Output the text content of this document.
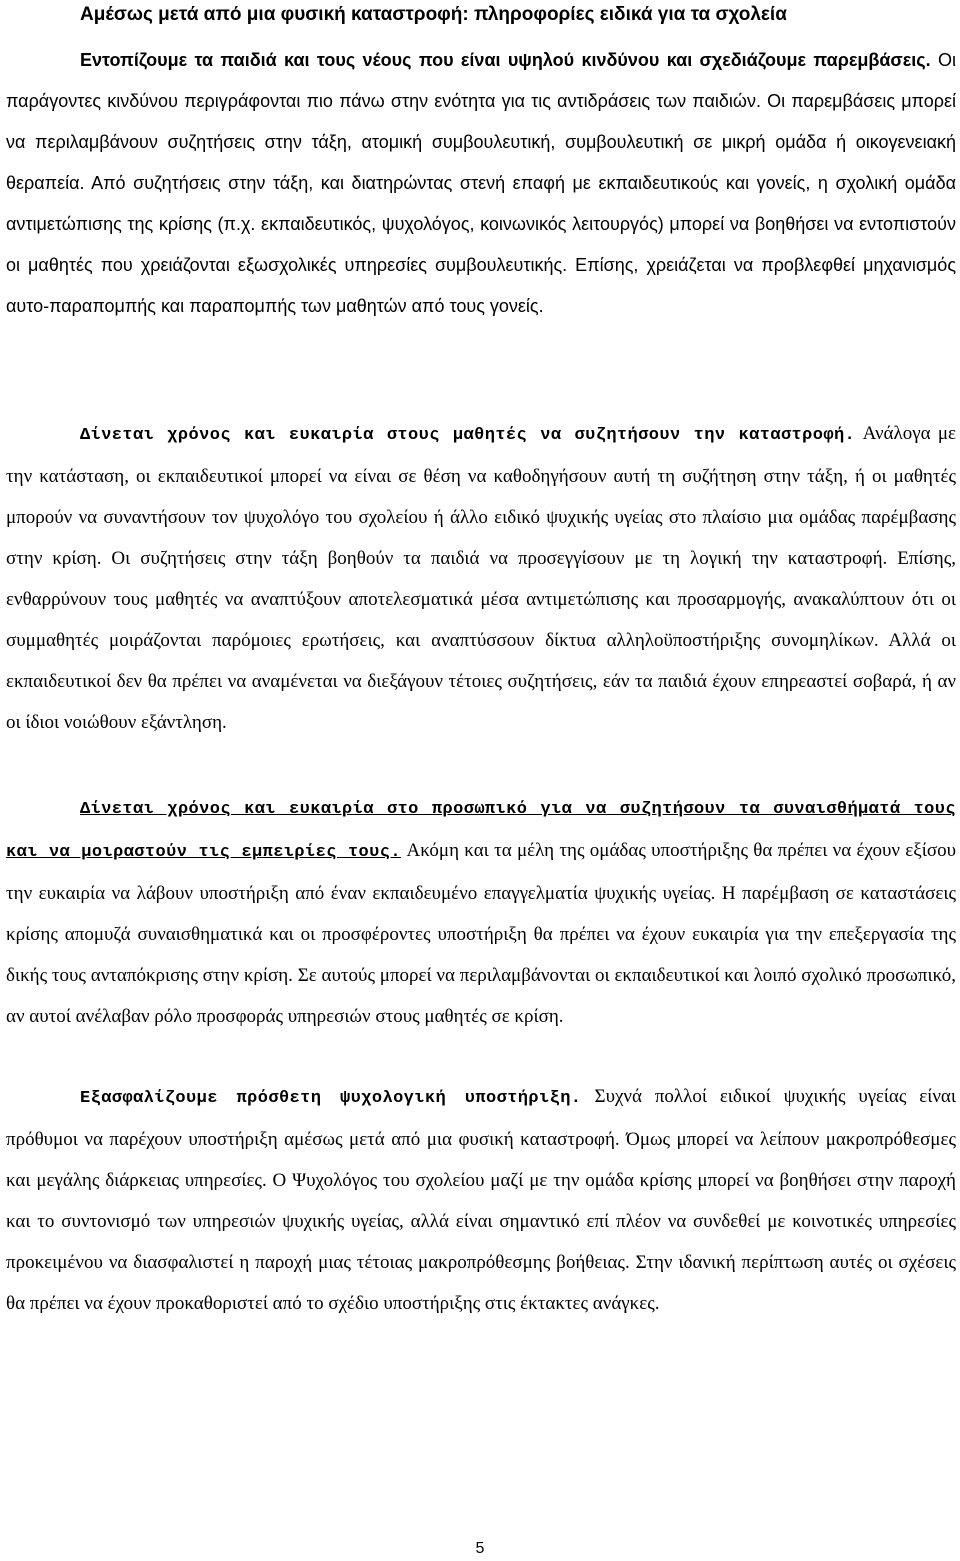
Αμέσως μετά από μια φυσική καταστροφή: πληροφορίες ειδικά για τα σχολεία

Εντοπίζουμε τα παιδιά και τους νέους που είναι υψηλού κινδύνου και σχεδιάζουμε παρεμβάσεις. Οι παράγοντες κινδύνου περιγράφονται πιο πάνω στην ενότητα για τις αντιδράσεις των παιδιών. Οι παρεμβάσεις μπορεί να περιλαμβάνουν συζητήσεις στην τάξη, ατομική συμβουλευτική, συμβουλευτική σε μικρή ομάδα ή οικογενειακή θεραπεία. Από συζητήσεις στην τάξη, και διατηρώντας στενή επαφή με εκπαιδευτικούς και γονείς, η σχολική ομάδα αντιμετώπισης της κρίσης (π.χ. εκπαιδευτικός, ψυχολόγος, κοινωνικός λειτουργός) μπορεί να βοηθήσει να εντοπιστούν οι μαθητές που χρειάζονται εξωσχολικές υπηρεσίες συμβουλευτικής. Επίσης, χρειάζεται να προβλεφθεί μηχανισμός αυτο-παραπομπής και παραπομπής των μαθητών από τους γονείς.

Δίνεται χρόνος και ευκαιρία στους μαθητές να συζητήσουν την καταστροφή. Ανάλογα με την κατάσταση, οι εκπαιδευτικοί μπορεί να είναι σε θέση να καθοδηγήσουν αυτή τη συζήτηση στην τάξη, ή οι μαθητές μπορούν να συναντήσουν τον ψυχολόγο του σχολείου ή άλλο ειδικό ψυχικής υγείας στο πλαίσιο μια ομάδας παρέμβασης στην κρίση. Οι συζητήσεις στην τάξη βοηθούν τα παιδιά να προσεγγίσουν με τη λογική την καταστροφή. Επίσης, ενθαρρύνουν τους μαθητές να αναπτύξουν αποτελεσματικά μέσα αντιμετώπισης και προσαρμογής, ανακαλύπτουν ότι οι συμμαθητές μοιράζονται παρόμοιες ερωτήσεις, και αναπτύσσουν δίκτυα αλληλοϋποστήριξης συνομηλίκων. Αλλά οι εκπαιδευτικοί δεν θα πρέπει να αναμένεται να διεξάγουν τέτοιες συζητήσεις, εάν τα παιδιά έχουν επηρεαστεί σοβαρά, ή αν οι ίδιοι νοιώθουν εξάντληση.

Δίνεται χρόνος και ευκαιρία στο προσωπικό για να συζητήσουν τα συναισθήματά τους και να μοιραστούν τις εμπειρίες τους. Ακόμη και τα μέλη της ομάδας υποστήριξης θα πρέπει να έχουν εξίσου την ευκαιρία να λάβουν υποστήριξη από έναν εκπαιδευμένο επαγγελματία ψυχικής υγείας. Η παρέμβαση σε καταστάσεις κρίσης απομυζά συναισθηματικά και οι προσφέροντες υποστήριξη θα πρέπει να έχουν ευκαιρία για την επεξεργασία της δικής τους ανταπόκρισης στην κρίση. Σε αυτούς μπορεί να περιλαμβάνονται οι εκπαιδευτικοί και λοιπό σχολικό προσωπικό, αν αυτοί ανέλαβαν ρόλο προσφοράς υπηρεσιών στους μαθητές σε κρίση.

Εξασφαλίζουμε πρόσθετη ψυχολογική υποστήριξη. Συχνά πολλοί ειδικοί ψυχικής υγείας είναι πρόθυμοι να παρέχουν υποστήριξη αμέσως μετά από μια φυσική καταστροφή. Όμως μπορεί να λείπουν μακροπρόθεσμες και μεγάλης διάρκειας υπηρεσίες. Ο Ψυχολόγος του σχολείου μαζί με την ομάδα κρίσης μπορεί να βοηθήσει στην παροχή και το συντονισμό των υπηρεσιών ψυχικής υγείας, αλλά είναι σημαντικό επί πλέον να συνδεθεί με κοινοτικές υπηρεσίες προκειμένου να διασφαλιστεί η παροχή μιας τέτοιας μακροπρόθεσμης βοήθειας. Στην ιδανική περίπτωση αυτές οι σχέσεις θα πρέπει να έχουν προκαθοριστεί από το σχέδιο υποστήριξης στις έκτακτες ανάγκες.

5
